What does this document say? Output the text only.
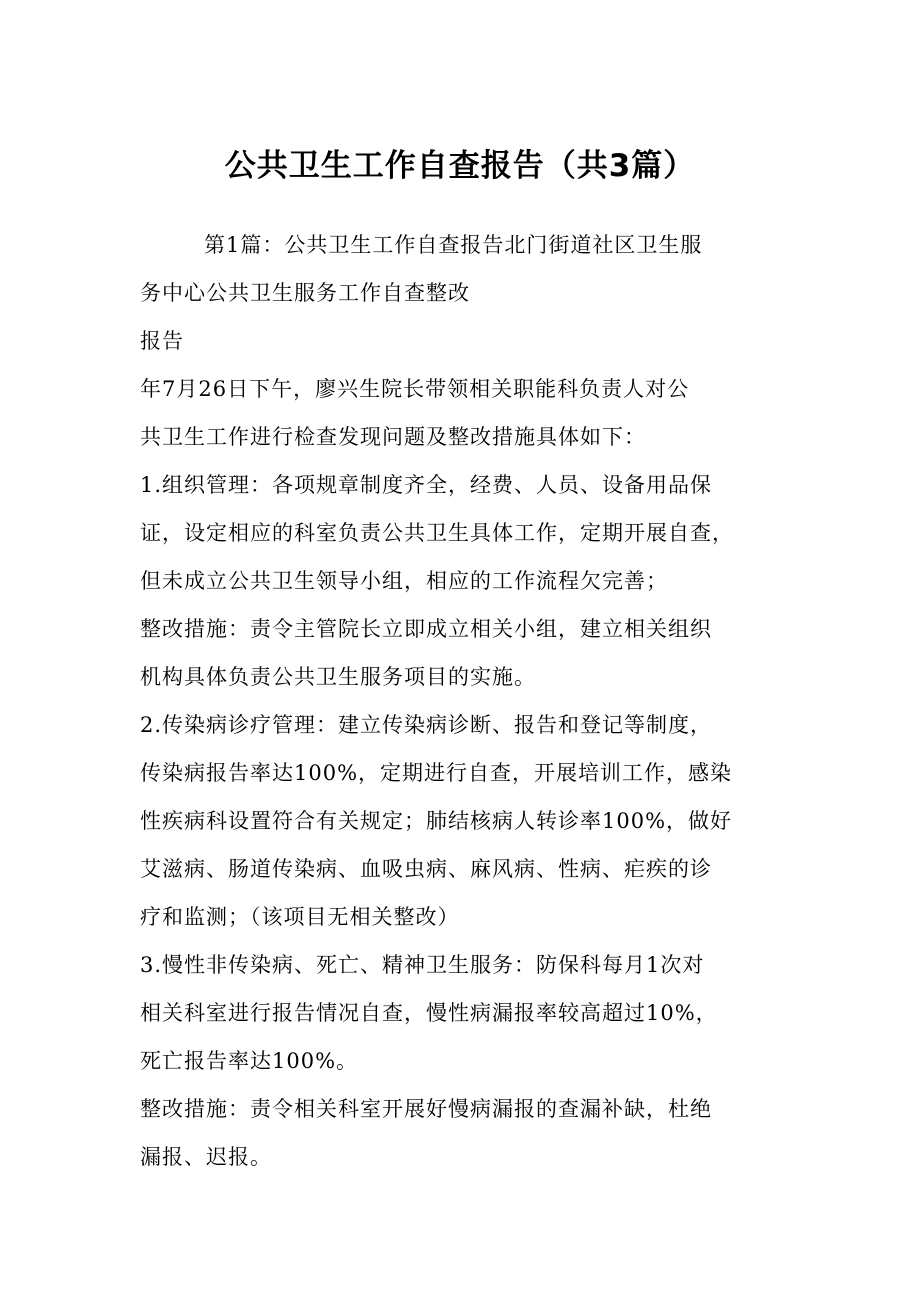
公共卫生工作自查报告（共3篇）
第1篇：公共卫生工作自查报告北门街道社区卫生服
务中心公共卫生服务工作自查整改
报告
年7月26日下午，廖兴生院长带领相关职能科负责人对公
共卫生工作进行检查发现问题及整改措施具体如下：
1.组织管理：各项规章制度齐全，经费、人员、设备用品保
证，设定相应的科室负责公共卫生具体工作，定期开展自查，
但未成立公共卫生领导小组，相应的工作流程欠完善；
整改措施：责令主管院长立即成立相关小组，建立相关组织
机构具体负责公共卫生服务项目的实施。
2.传染病诊疗管理：建立传染病诊断、报告和登记等制度，
传染病报告率达100%，定期进行自查，开展培训工作，感染
性疾病科设置符合有关规定；肺结核病人转诊率100%，做好
艾滋病、肠道传染病、血吸虫病、麻风病、性病、疟疾的诊
疗和监测；（该项目无相关整改）
3.慢性非传染病、死亡、精神卫生服务：防保科每月1次对
相关科室进行报告情况自查，慢性病漏报率较高超过10%，
死亡报告率达100%。
整改措施：责令相关科室开展好慢病漏报的查漏补缺，杜绝
漏报、迟报。
